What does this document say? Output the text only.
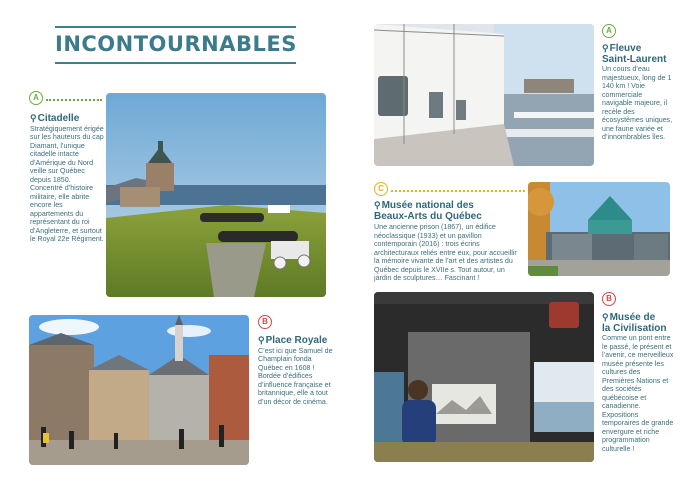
INCONTOURNABLES
A
⚲Citadelle
Stratégiquement érigée sur les hauteurs du cap Diamant, l’unique citadelle intacte d’Amérique du Nord veille sur Québec depuis 1850. Concentré d’histoire militaire, elle abrite encore les appartements du représentant du roi d’Angleterre, et surtout le Royal 22e Régiment.
B
⚲Place Royale
C’est ici que Samuel de Champlain fonda Québec en 1608 ! Bordée d’édifices d’influence française et britannique, elle a tout d’un décor de cinéma.
A
⚲Fleuve
Saint-Laurent
Un cours d’eau majestueux, long de 1 140 km ! Voie commerciale navigable majeure, il recèle des écosystèmes uniques, une faune variée et d’innombrables îles.
C
⚲Musée national des
Beaux-Arts du Québec
Une ancienne prison (1867), un édifice néoclassique (1933) et un pavillon contemporain (2016) : trois écrins architecturaux reliés entre eux, pour accueillir la mémoire vivante de l’art et des artistes du Québec depuis le XVIIe s. Tout autour, un jardin de sculptures… Fascinant !
B
⚲Musée de
la Civilisation
Comme un pont entre le passé, le présent et l’avenir, ce merveilleux musée présente les cultures des Premières Nations et des sociétés québécoise et canadienne. Expositions temporaires de grande envergure et riche programmation culturelle !
